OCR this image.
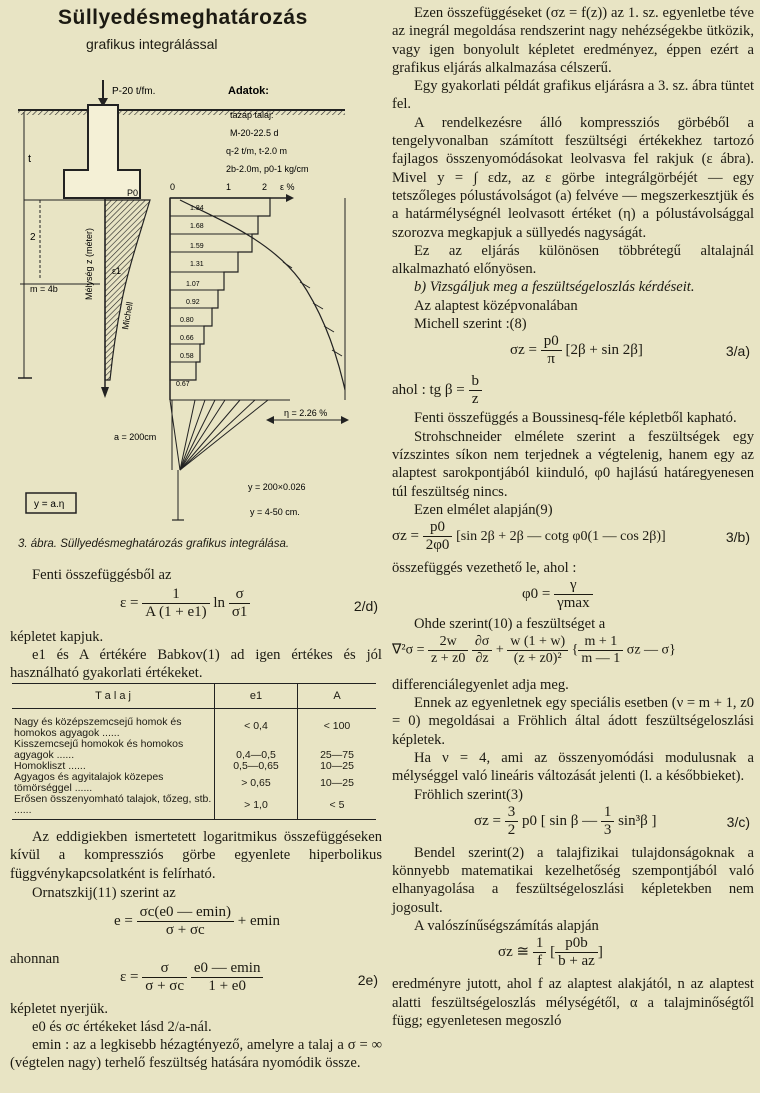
Süllyedésmeghatározás
grafikus integrálással
P-20 t/fm.	Adatok:
tazap talaj:
M-20-22.5 d
q-2 t/m, t-2.0 m
2b-2.0m, p0-1 kg/cm
t
2
m = 4b	Mélység z (méter)
P0
ε1
Michell
0	1	2 ε %
1.84
1.68
1.59
1.31
1.07
0.92
0.80
0.66
0.58
0.67
a = 200cm
η = 2.26 %
y = a.η
y = 200×0.026
y = 4-50 cm.
3. ábra. Süllyedésmeghatározás grafikus integrálása.

Fenti összefüggésből az

$\varepsilon = \frac{1}{A (1 + e1)}$ $\ln \frac{\sigma}{\sigma 1}$	2/d)

képletet kapjuk.

e1 és A értékére Babkov(1) ad igen értékes és jól használható gyakorlati értékeket.

T a l a j	e1	A
Nagy és középszemcsejű homok és homokos agyagok ......	< 0,4	< 100
Kisszemcsejű homokok és homokos agyagok ......	0,4—0,5	25—75
Homokliszt ......	0,5—0,65	10—25
Agyagos és agyitalajok közepes tömörséggel ......	> 0,65	10—25
Erősen összenyomható talajok, tőzeg, stb. ......	> 1,0	< 5

Az eddigiekben ismertetett logaritmikus összefüggéseken kívül a kompressziós görbe egyenlete hiperbolikus függvénykapcsolatként is felírható.

Ornatszkij(11) szerint az

$e = \frac{\sigma c(e0 — emin)}{\sigma + \sigma c} + emin$

ahonnan

$\varepsilon = \frac{\sigma}{\sigma + \sigma c}$
$\frac{e0 — emin}{1 + e0}$	2e)

képletet nyerjük.

e0 és σc értékeket lásd 2/a-nál.

emin : az a legkisebb hézagtényező, amelyre a talaj a σ = ∞ (végtelen nagy) terhelő feszültség hatására nyomódik össze.

Ezen összefüggéseket (σz = f(z)) az 1. sz. egyenletbe téve az inegrál megoldása rendszerint nagy nehézségekbe ütközik, vagy igen bonyolult képletet eredményez, éppen ezért a grafikus eljárás alkalmazása célszerű.

Egy gyakorlati példát grafikus eljárásra a 3. sz. ábra tüntet fel.

A rendelkezésre álló kompressziós görbéből a tengelyvonalban számított feszültségi értékekhez tartozó fajlagos összenyomódásokat leolvasva fel rakjuk (ε ábra). Mivel y = ∫ εdz, az ε görbe integrálgörbéjét — egy tetszőleges pólustávolságot (a) felvéve — megszerkesztjük és a határmélységnél leolvasott értéket (η) a pólustávolsággal szorozva megkapjuk a süllyedés nagyságát.

Ez az eljárás különösen többrétegű altalajnál alkalmazható előnyösen.

b) Vizsgáljuk meg a feszültségeloszlás kérdéseit.

Az alaptest középvonalában

Michell szerint :(8)

$\sigma z = \frac{p0}{\pi} [2\beta + \sin 2\beta]$	3/a)
ahol : tg $\beta = \frac{b}{z}$

Fenti összefüggés a Boussinesq-féle képletből kapható.

Strohschneider elmélete szerint a feszültségek egy vízszintes síkon nem terjednek a végtelenig, hanem egy az alaptest sarokpontjából kiinduló, φ0 hajlású határegyenesen túl feszültség nincs.

Ezen elmélet alapján(9)

$\sigma z = \frac{p0}{2\varphi 0} [\sin$ 2β + 2β — cotg φ0(1 — cos 2β)]	3/b)

összefüggés vezethető le, ahol :

$\varphi 0 = \frac{\gamma}{\gamma\max}$

Ohde szerint(10) a feszültséget a

$\nabla^2\sigma = \frac{2w}{z + z0}$
$\frac{\partial\sigma}{\partial z} + \frac{w (1 + w)}{\text{(z + z0)²}}$ { $\frac{m + 1}{m — 1}$ σz — σ}

differenciálegyenlet adja meg.

Ennek az egyenletnek egy speciális esetben (ν = m + 1, z0 = 0) megoldásai a Fröhlich által ádott feszültségeloszlási képletek.

Ha ν = 4, ami az összenyomódási modulusnak a mélységgel való lineáris változását jelenti (l. a későbbieket).

Fröhlich szerint(3)

$\sigma z = \frac{3}{2} p0$ [ sin β — $\frac{1}{3} \sin^3\beta$ ]	3/c)

Bendel szerint(2) a talajfizikai tulajdonságoknak a könnyebb matematikai kezelhetőség szempontjából való elhanyagolása a feszültségeloszlási képletekben nem jogosult.

A valószínűségszámítás alapján

σz ≅ $\frac{1}{f}$ [ $\frac{p0b}{b + az}$ ]

eredményre jutott, ahol f az alaptest alakjától, n az alaptest alatti feszültségeloszlás mélységétől, α a talajminőségtől függ; egyenletesen megoszló
